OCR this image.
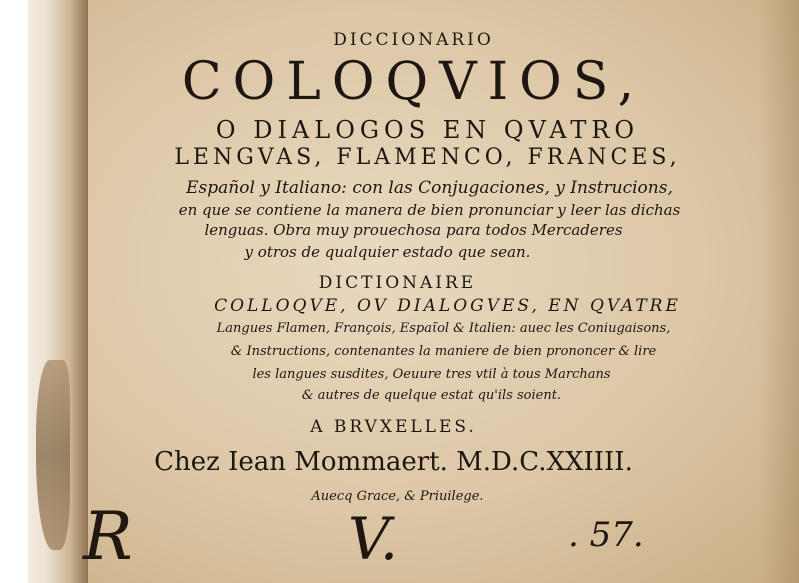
DICCIONARIO
COLOQVIOS,
O DIALOGOS EN QVATRO
LENGVAS, FLAMENCO, FRANCES,
Español y Italiano: con las Conjugaciones, y Instrucions,
en que se contiene la manera de bien pronunciar y leer las dichas
lenguas. Obra muy prouechosa para todos Mercaderes
y otros de qualquier estado que sean.
DICTIONAIRE
COLLOQVE, OV DIALOGVES, EN QVATRE
Langues Flamen, François, Espaῖol & Italien: auec les Coniugaisons,
& Instructions, contenantes la maniere de bien prononcer & lire
les langues susdites, Oeuure tres vtil à tous Marchans
& autres de quelque estat qu'ils soient.
A BRVXELLES.
Chez Iean Mommaert. M.D.C.XXIIII.
Auecq Grace, & Priuilege.
R	V.	. 57.
